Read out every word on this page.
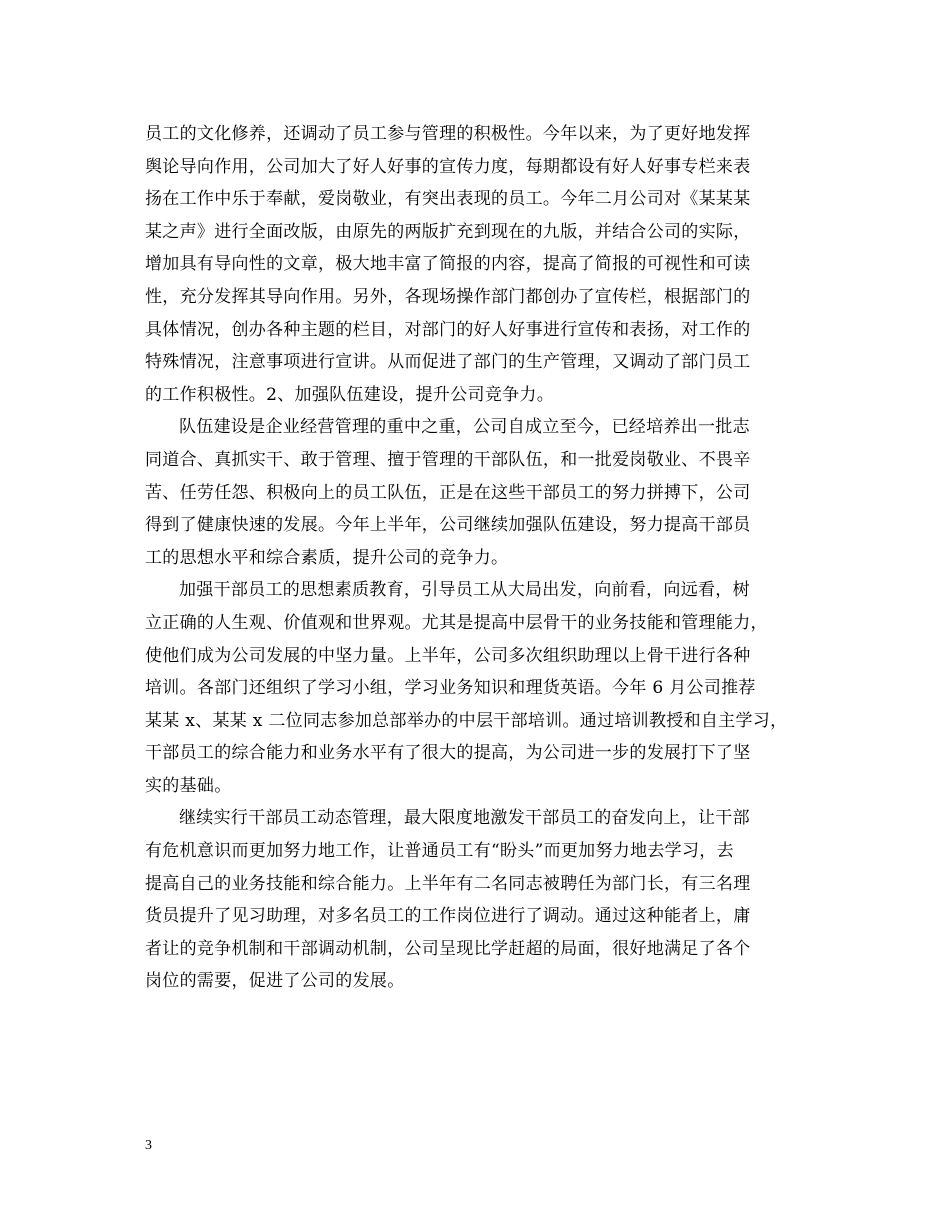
员工的文化修养，还调动了员工参与管理的积极性。今年以来，为了更好地发挥
舆论导向作用，公司加大了好人好事的宣传力度，每期都设有好人好事专栏来表
扬在工作中乐于奉献，爱岗敬业，有突出表现的员工。今年二月公司对《某某某
某之声》进行全面改版，由原先的两版扩充到现在的九版，并结合公司的实际，
增加具有导向性的文章，极大地丰富了简报的内容，提高了简报的可视性和可读
性，充分发挥其导向作用。另外，各现场操作部门都创办了宣传栏，根据部门的
具体情况，创办各种主题的栏目，对部门的好人好事进行宣传和表扬，对工作的
特殊情况，注意事项进行宣讲。从而促进了部门的生产管理，又调动了部门员工
的工作积极性。2、加强队伍建设，提升公司竞争力。
队伍建设是企业经营管理的重中之重，公司自成立至今，已经培养出一批志
同道合、真抓实干、敢于管理、擅于管理的干部队伍，和一批爱岗敬业、不畏辛
苦、任劳任怨、积极向上的员工队伍，正是在这些干部员工的努力拼搏下，公司
得到了健康快速的发展。今年上半年，公司继续加强队伍建设，努力提高干部员
工的思想水平和综合素质，提升公司的竞争力。
加强干部员工的思想素质教育，引导员工从大局出发，向前看，向远看，树
立正确的人生观、价值观和世界观。尤其是提高中层骨干的业务技能和管理能力，
使他们成为公司发展的中坚力量。上半年，公司多次组织助理以上骨干进行各种
培训。各部门还组织了学习小组，学习业务知识和理货英语。今年 6 月公司推荐
某某 x、某某 x 二位同志参加总部举办的中层干部培训。通过培训教授和自主学习，
干部员工的综合能力和业务水平有了很大的提高，为公司进一步的发展打下了坚
实的基础。
继续实行干部员工动态管理，最大限度地激发干部员工的奋发向上，让干部
有危机意识而更加努力地工作，让普通员工有“盼头”而更加努力地去学习，去
提高自己的业务技能和综合能力。上半年有二名同志被聘任为部门长，有三名理
货员提升了见习助理，对多名员工的工作岗位进行了调动。通过这种能者上，庸
者让的竞争机制和干部调动机制，公司呈现比学赶超的局面，很好地满足了各个
岗位的需要，促进了公司的发展。
3
